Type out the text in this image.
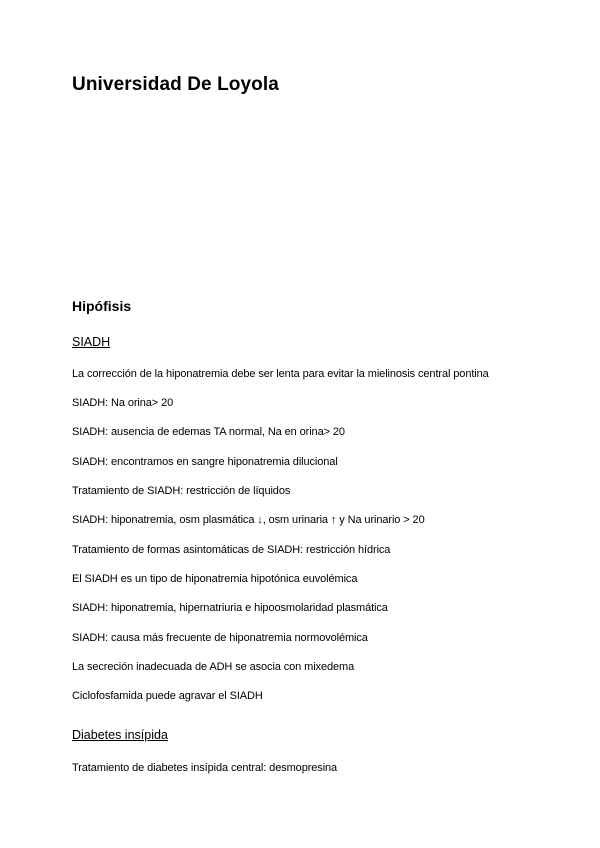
Universidad De Loyola
Hipófisis
SIADH

La corrección de la hiponatremia debe ser lenta para evitar la mielinosis central pontina

SIADH: Na orina> 20

SIADH: ausencia de edemas TA normal, Na en orina> 20

SIADH: encontramos en sangre hiponatremia dilucional

Tratamiento de SIADH: restricción de líquidos

SIADH: hiponatremia, osm plasmática ↓, osm urinaria ↑ y Na urinario > 20

Tratamiento de formas asintomáticas de SIADH: restricción hídrica

El SIADH es un tipo de hiponatremia hipotónica euvolémica

SIADH: hiponatremia, hipernatriuria e hipoosmolaridad plasmática

SIADH: causa más frecuente de hiponatremia normovolémica

La secreción inadecuada de ADH se asocia con mixedema

Ciclofosfamida puede agravar el SIADH

Diabetes insípida

Tratamiento de diabetes insípida central: desmopresina
